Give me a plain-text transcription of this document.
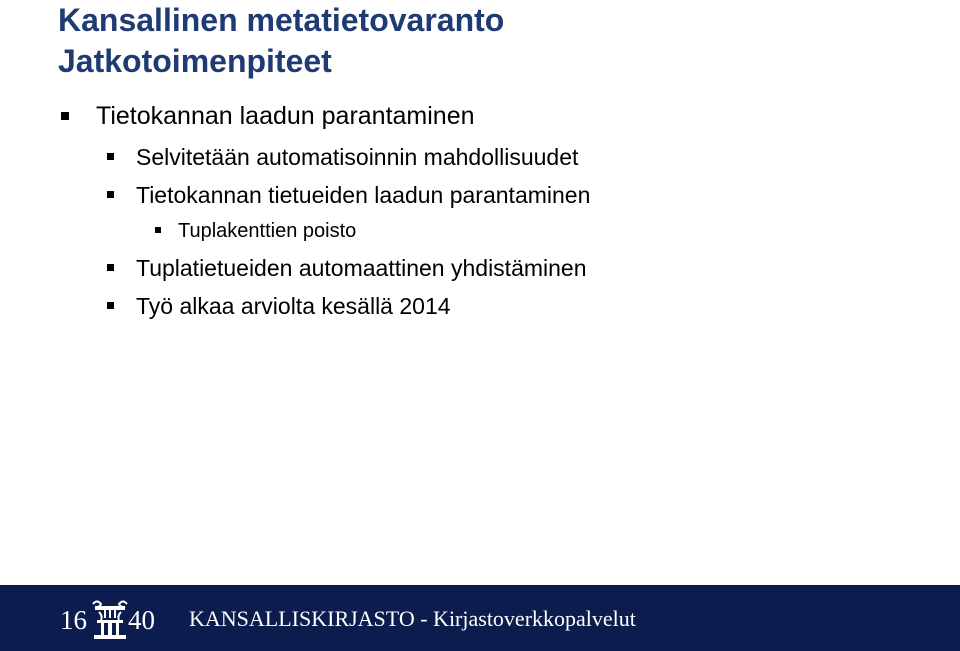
Kansallinen metatietovaranto
Jatkotoimenpiteet
Tietokannan laadun parantaminen
Selvitetään automatisoinnin mahdollisuudet
Tietokannan tietueiden laadun parantaminen
Tuplakenttien poisto
Tuplatietueiden automaattinen yhdistäminen
Työ alkaa arviolta kesällä 2014
16 40 KANSALLISKIRJASTO - Kirjastoverkkopalvelut
